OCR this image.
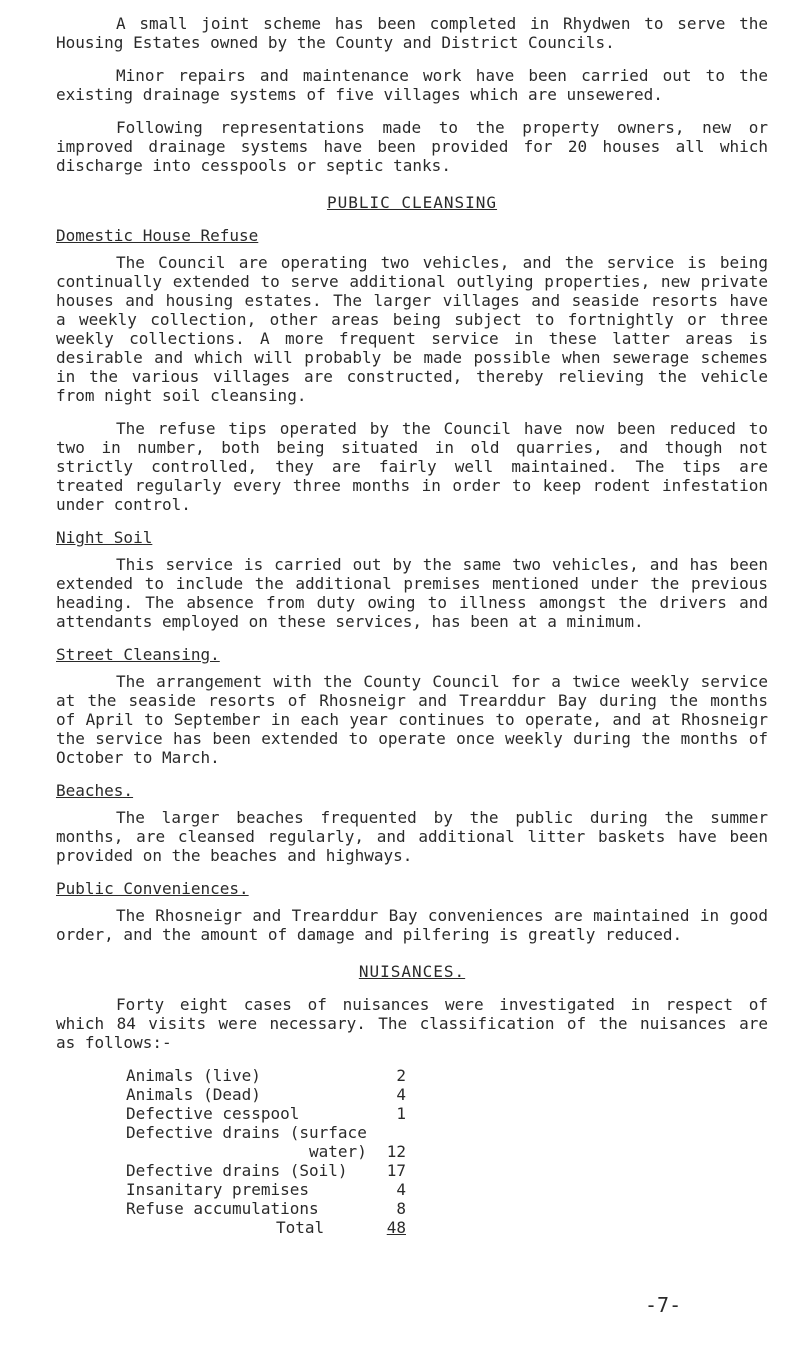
A small joint scheme has been completed in Rhydwen to serve the Housing Estates owned by the County and District Councils.

Minor repairs and maintenance work have been carried out to the existing drainage systems of five villages which are unsewered.

Following representations made to the property owners, new or improved drainage systems have been provided for 20 houses all which discharge into cesspools or septic tanks.

PUBLIC CLEANSING
Domestic House Refuse

The Council are operating two vehicles, and the service is being continually extended to serve additional outlying properties, new private houses and housing estates. The larger villages and seaside resorts have a weekly collection, other areas being subject to fortnightly or three weekly collections. A more frequent service in these latter areas is desirable and which will probably be made possible when sewerage schemes in the various villages are constructed, thereby relieving the vehicle from night soil cleansing.

The refuse tips operated by the Council have now been reduced to two in number, both being situated in old quarries, and though not strictly controlled, they are fairly well maintained. The tips are treated regularly every three months in order to keep rodent infestation under control.

Night Soil

This service is carried out by the same two vehicles, and has been extended to include the additional premises mentioned under the previous heading. The absence from duty owing to illness amongst the drivers and attendants employed on these services, has been at a minimum.

Street Cleansing.

The arrangement with the County Council for a twice weekly service at the seaside resorts of Rhosneigr and Trearddur Bay during the months of April to September in each year continues to operate, and at Rhosneigr the service has been extended to operate once weekly during the months of October to March.

Beaches.

The larger beaches frequented by the public during the summer months, are cleansed regularly, and additional litter baskets have been provided on the beaches and highways.

Public Conveniences.

The Rhosneigr and Trearddur Bay conveniences are maintained in good order, and the amount of damage and pilfering is greatly reduced.

NUISANCES.

Forty eight cases of nuisances were investigated in respect of which 84 visits were necessary. The classification of the nuisances are as follows:-

Animals (live)	2
Animals (Dead)	4
Defective cesspool	1
Defective drains (surface
water)	12
Defective drains (Soil)	17
Insanitary premises	4
Refuse accumulations	8
Total	48
-7-
